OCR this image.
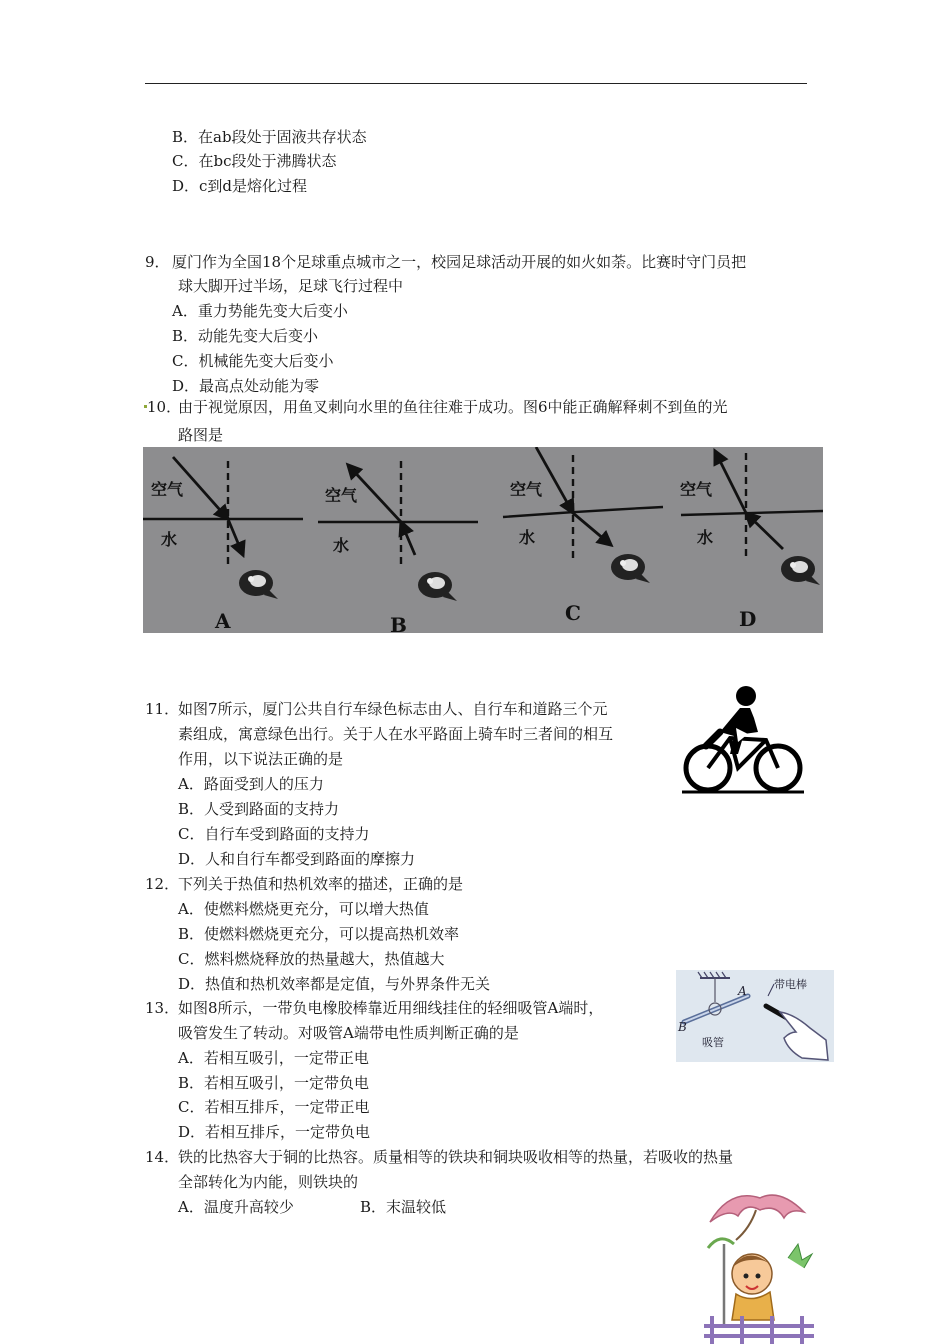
B．在ab段处于固液共存状态
C．在bc段处于沸腾状态
D．c到d是熔化过程
9． 厦门作为全国18个足球重点城市之一，校园足球活动开展的如火如荼。比赛时守门员把
球大脚开过半场，足球飞行过程中
A．重力势能先变大后变小
B．动能先变大后变小
C．机械能先变大后变小
D．最高点处动能为零
10．
由于视觉原因，用鱼叉刺向水里的鱼往往难于成功。图6中能正确解释刺不到鱼的光
路图是
空气
水
A
空气
水
B
空气
水
C
空气
水
D
11．
如图7所示，厦门公共自行车绿色标志由人、自行车和道路三个元
素组成，寓意绿色出行。关于人在水平路面上骑车时三者间的相互
作用，以下说法正确的是
A．路面受到人的压力
B．人受到路面的支持力
C．自行车受到路面的支持力
D．人和自行车都受到路面的摩擦力
12．
下列关于热值和热机效率的描述，正确的是
A．使燃料燃烧更充分，可以增大热值
B．使燃料燃烧更充分，可以提高热机效率
C．燃料燃烧释放的热量越大，热值越大
D．热值和热机效率都是定值，与外界条件无关
13．
如图8所示，一带负电橡胶棒靠近用细线挂住的轻细吸管A端时，
吸管发生了转动。对吸管A端带电性质判断正确的是
A．若相互吸引，一定带正电
B．若相互吸引，一定带负电
C．若相互排斥，一定带正电
D．若相互排斥，一定带负电
带电棒
A
B
吸管
14．
铁的比热容大于铜的比热容。质量相等的铁块和铜块吸收相等的热量，若吸收的热量
全部转化为内能，则铁块的
A．温度升高较少	B．末温较低
